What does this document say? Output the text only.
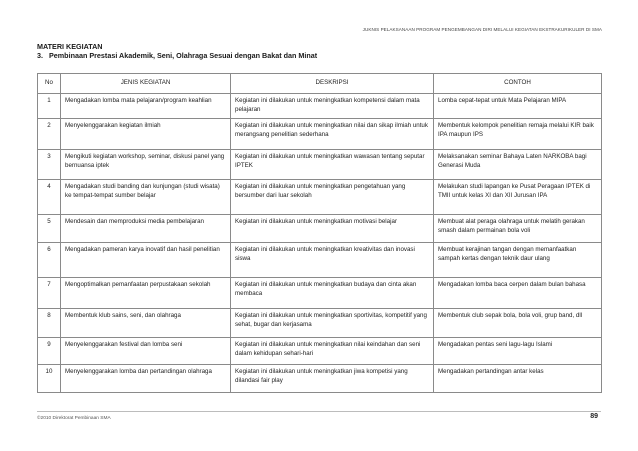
JUKNIS PELAKSANAAN PROGRAM PENGEMBANGAN DIRI MELALUI KEGIATAN EKSTRAKURIKULER DI SMA
MATERI KEGIATAN
3. Pembinaan Prestasi Akademik, Seni, Olahraga Sesuai dengan Bakat dan Minat
No	JENIS KEGIATAN	DESKRIPSI	CONTOH
1	Mengadakan lomba mata pelajaran/program keahlian	Kegiatan ini dilakukan untuk meningkatkan kompetensi dalam mata pelajaran	Lomba cepat-tepat untuk Mata Pelajaran MIPA
2	Menyelenggarakan kegiatan ilmiah	Kegiatan ini dilakukan untuk meningkatkan nilai dan sikap ilmiah untuk merangsang penelitian sederhana	Membentuk kelompok penelitian remaja melalui KIR baik IPA maupun IPS
3	Mengikuti kegiatan workshop, seminar, diskusi panel yang bernuansa iptek	Kegiatan ini dilakukan untuk meningkatkan wawasan tentang seputar IPTEK	Melaksanakan seminar Bahaya Laten NARKOBA bagi Generasi Muda
4	Mengadakan studi banding dan kunjungan (studi wisata) ke tempat-tempat sumber belajar	Kegiatan ini dilakukan untuk meningkatkan pengetahuan yang bersumber dari luar sekolah	Melakukan studi lapangan ke Pusat Peragaan IPTEK di TMII untuk kelas XI dan XII Jurusan IPA
5	Mendesain dan memproduksi media pembelajaran	Kegiatan ini dilakukan untuk meningkatkan motivasi belajar	Membuat alat peraga olahraga untuk melatih gerakan smash dalam permainan bola voli
6	Mengadakan pameran karya inovatif dan hasil penelitian	Kegiatan ini dilakukan untuk meningkatkan kreativitas dan inovasi siswa	Membuat kerajinan tangan dengan memanfaatkan sampah kertas dengan teknik daur ulang
7	Mengoptimalkan pemanfaatan perpustakaan sekolah	Kegiatan ini dilakukan untuk meningkatkan budaya dan cinta akan membaca	Mengadakan lomba baca cerpen dalam bulan bahasa
8	Membentuk klub sains, seni, dan olahraga	Kegiatan ini dilakukan untuk meningkatkan sportivitas, kompetitif yang sehat, bugar dan kerjasama	Membentuk club sepak bola, bola voli, grup band, dll
9	Menyelenggarakan festival dan lomba seni	Kegiatan ini dilakukan untuk meningkatkan nilai keindahan dan seni dalam kehidupan sehari-hari	Mengadakan pentas seni lagu-lagu Islami
10	Menyelenggarakan lomba dan pertandingan olahraga	Kegiatan ini dilakukan untuk meningkatkan jiwa kompetisi yang dilandasi fair play	Mengadakan pertandingan antar kelas
©2010 Direktorat Pembinaan SMA	89
